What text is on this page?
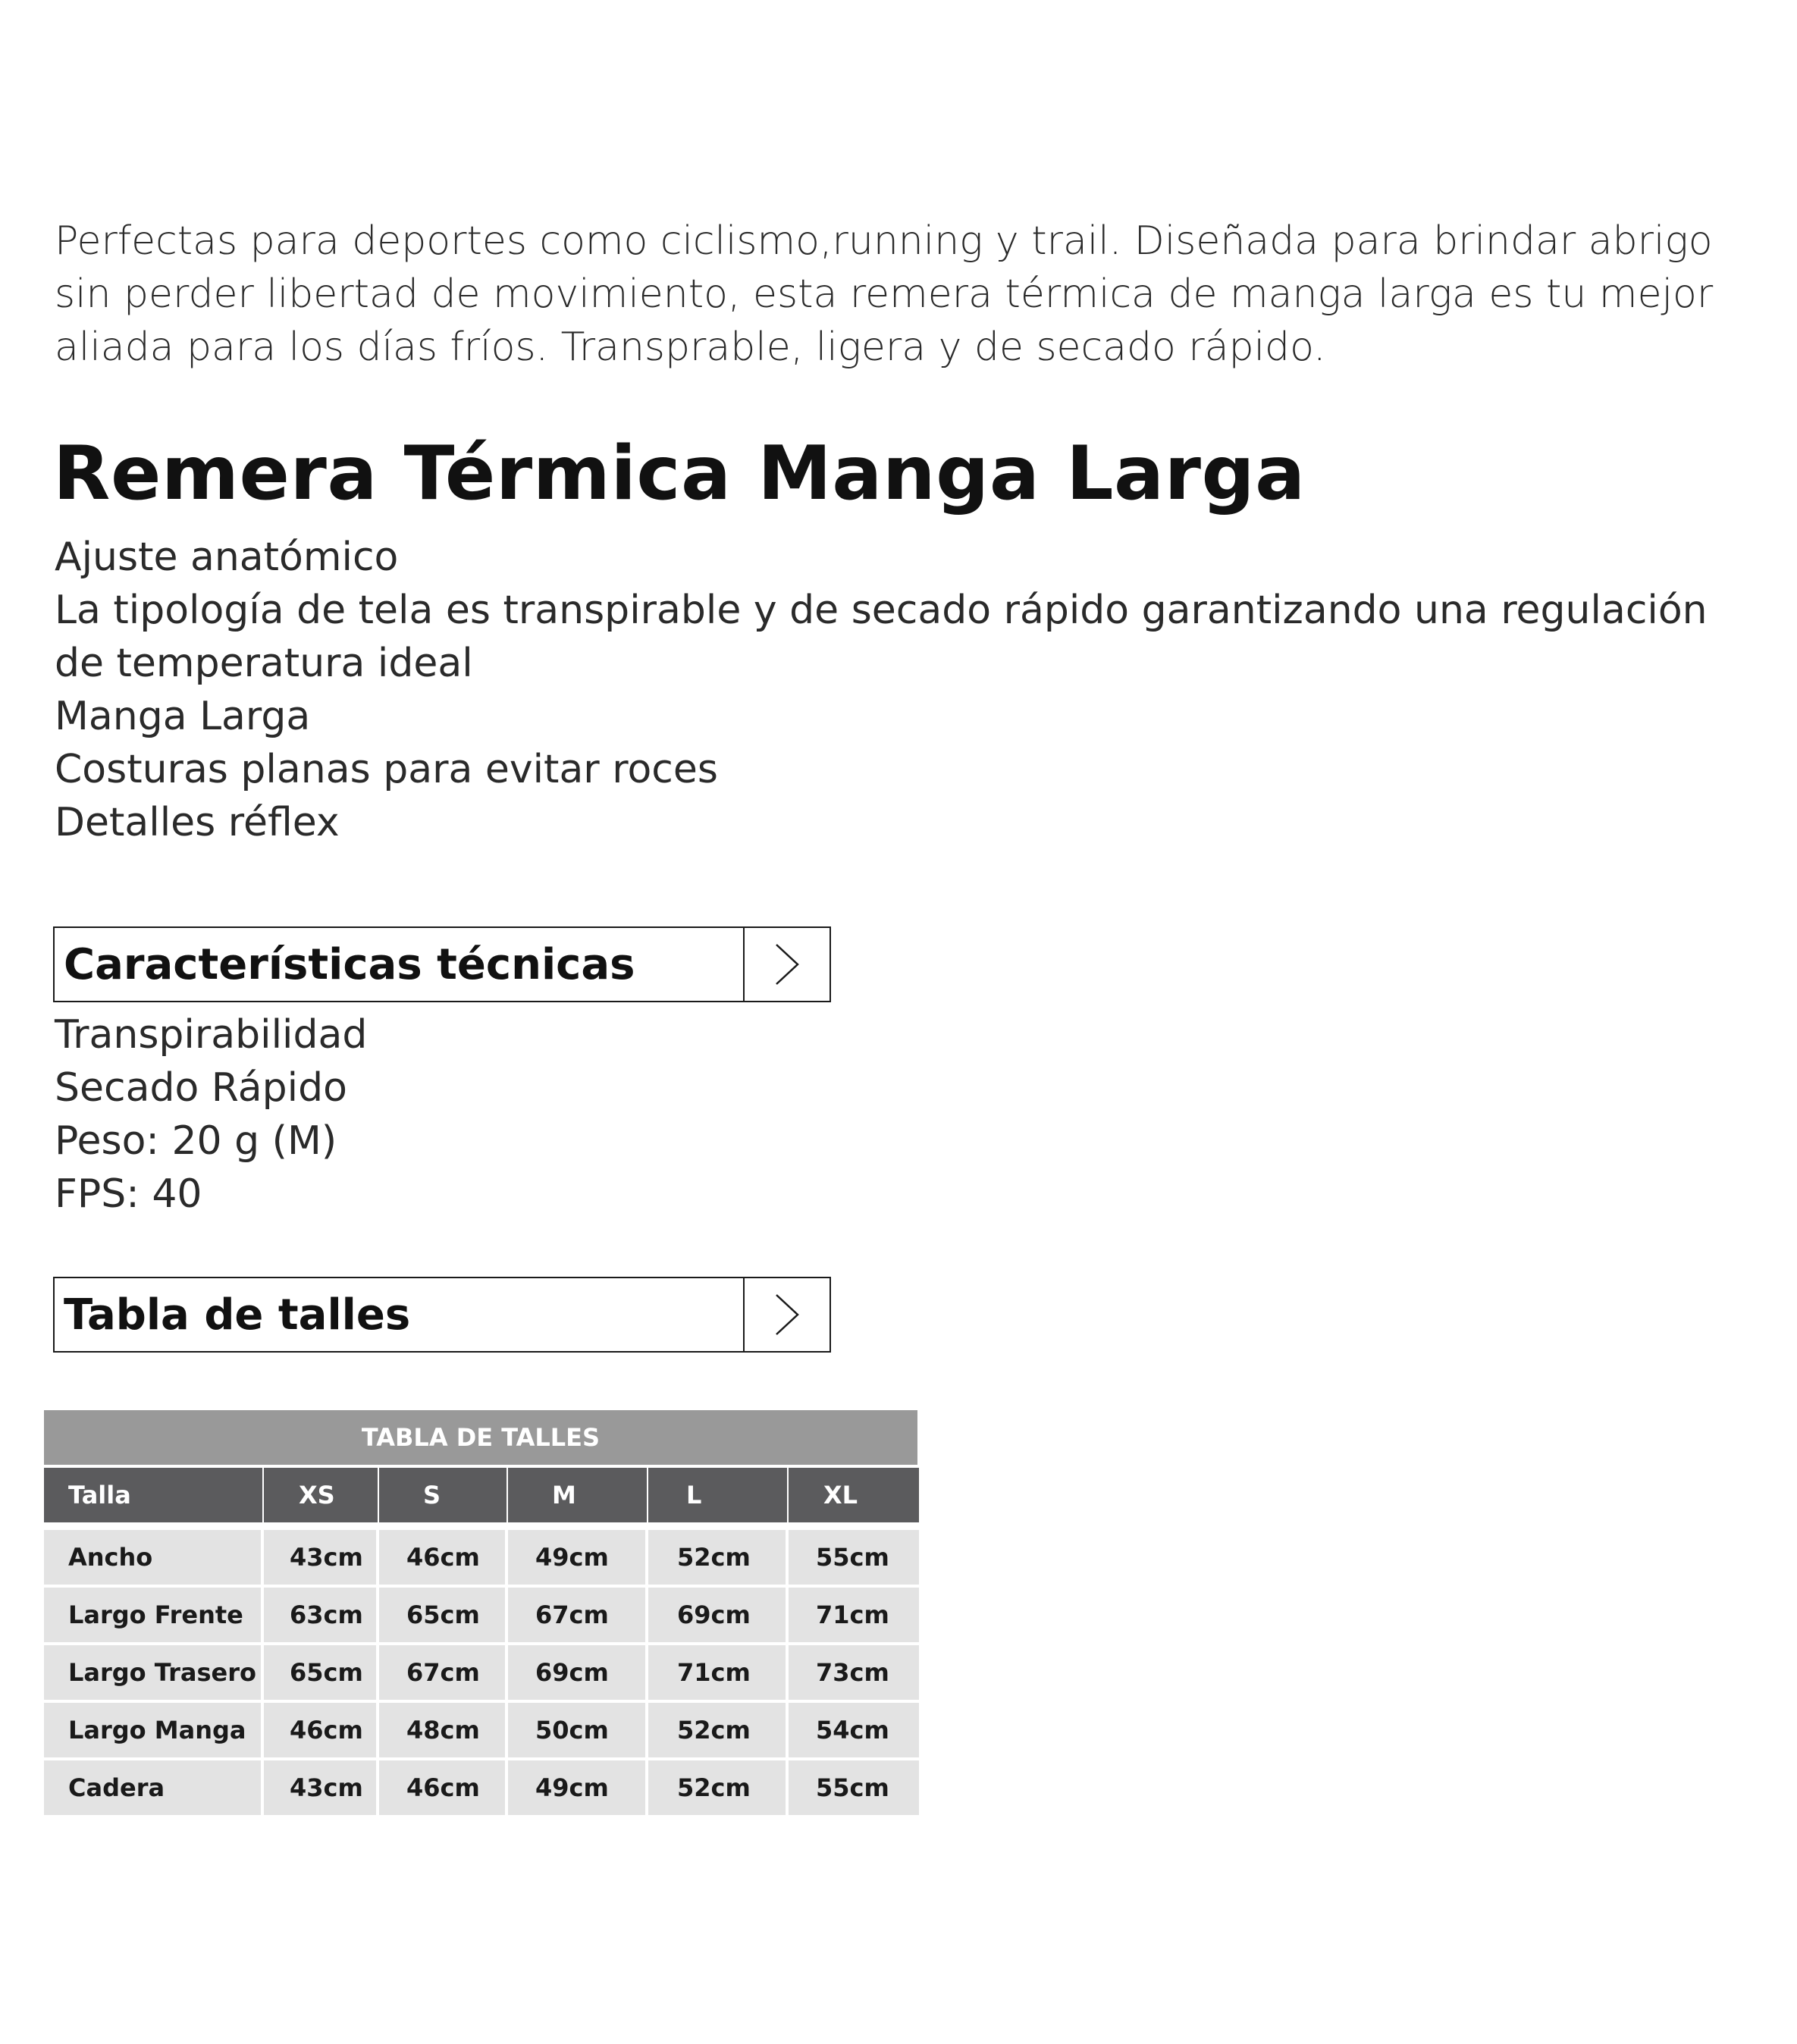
Perfectas para deportes como ciclismo,running y trail. Diseñada para brindar abrigo sin perder libertad de movimiento, esta remera térmica de manga larga es tu mejor aliada para los días fríos. Transprable, ligera y de secado rápido.

Remera Térmica Manga Larga
Ajuste anatómico
La tipología de tela es transpirable y de secado rápido garantizando una regulación de temperatura ideal
Manga Larga
Costuras planas para evitar roces
Detalles réflex
Características técnicas
Transpirabilidad
Secado Rápido
Peso: 20 g (M)
FPS: 40
Tabla de talles
TABLA DE TALLES
Talla	XS	S	M	L	XL
Ancho	43cm	46cm	49cm	52cm	55cm
Largo Frente	63cm	65cm	67cm	69cm	71cm
Largo Trasero	65cm	67cm	69cm	71cm	73cm
Largo Manga	46cm	48cm	50cm	52cm	54cm
Cadera	43cm	46cm	49cm	52cm	55cm
